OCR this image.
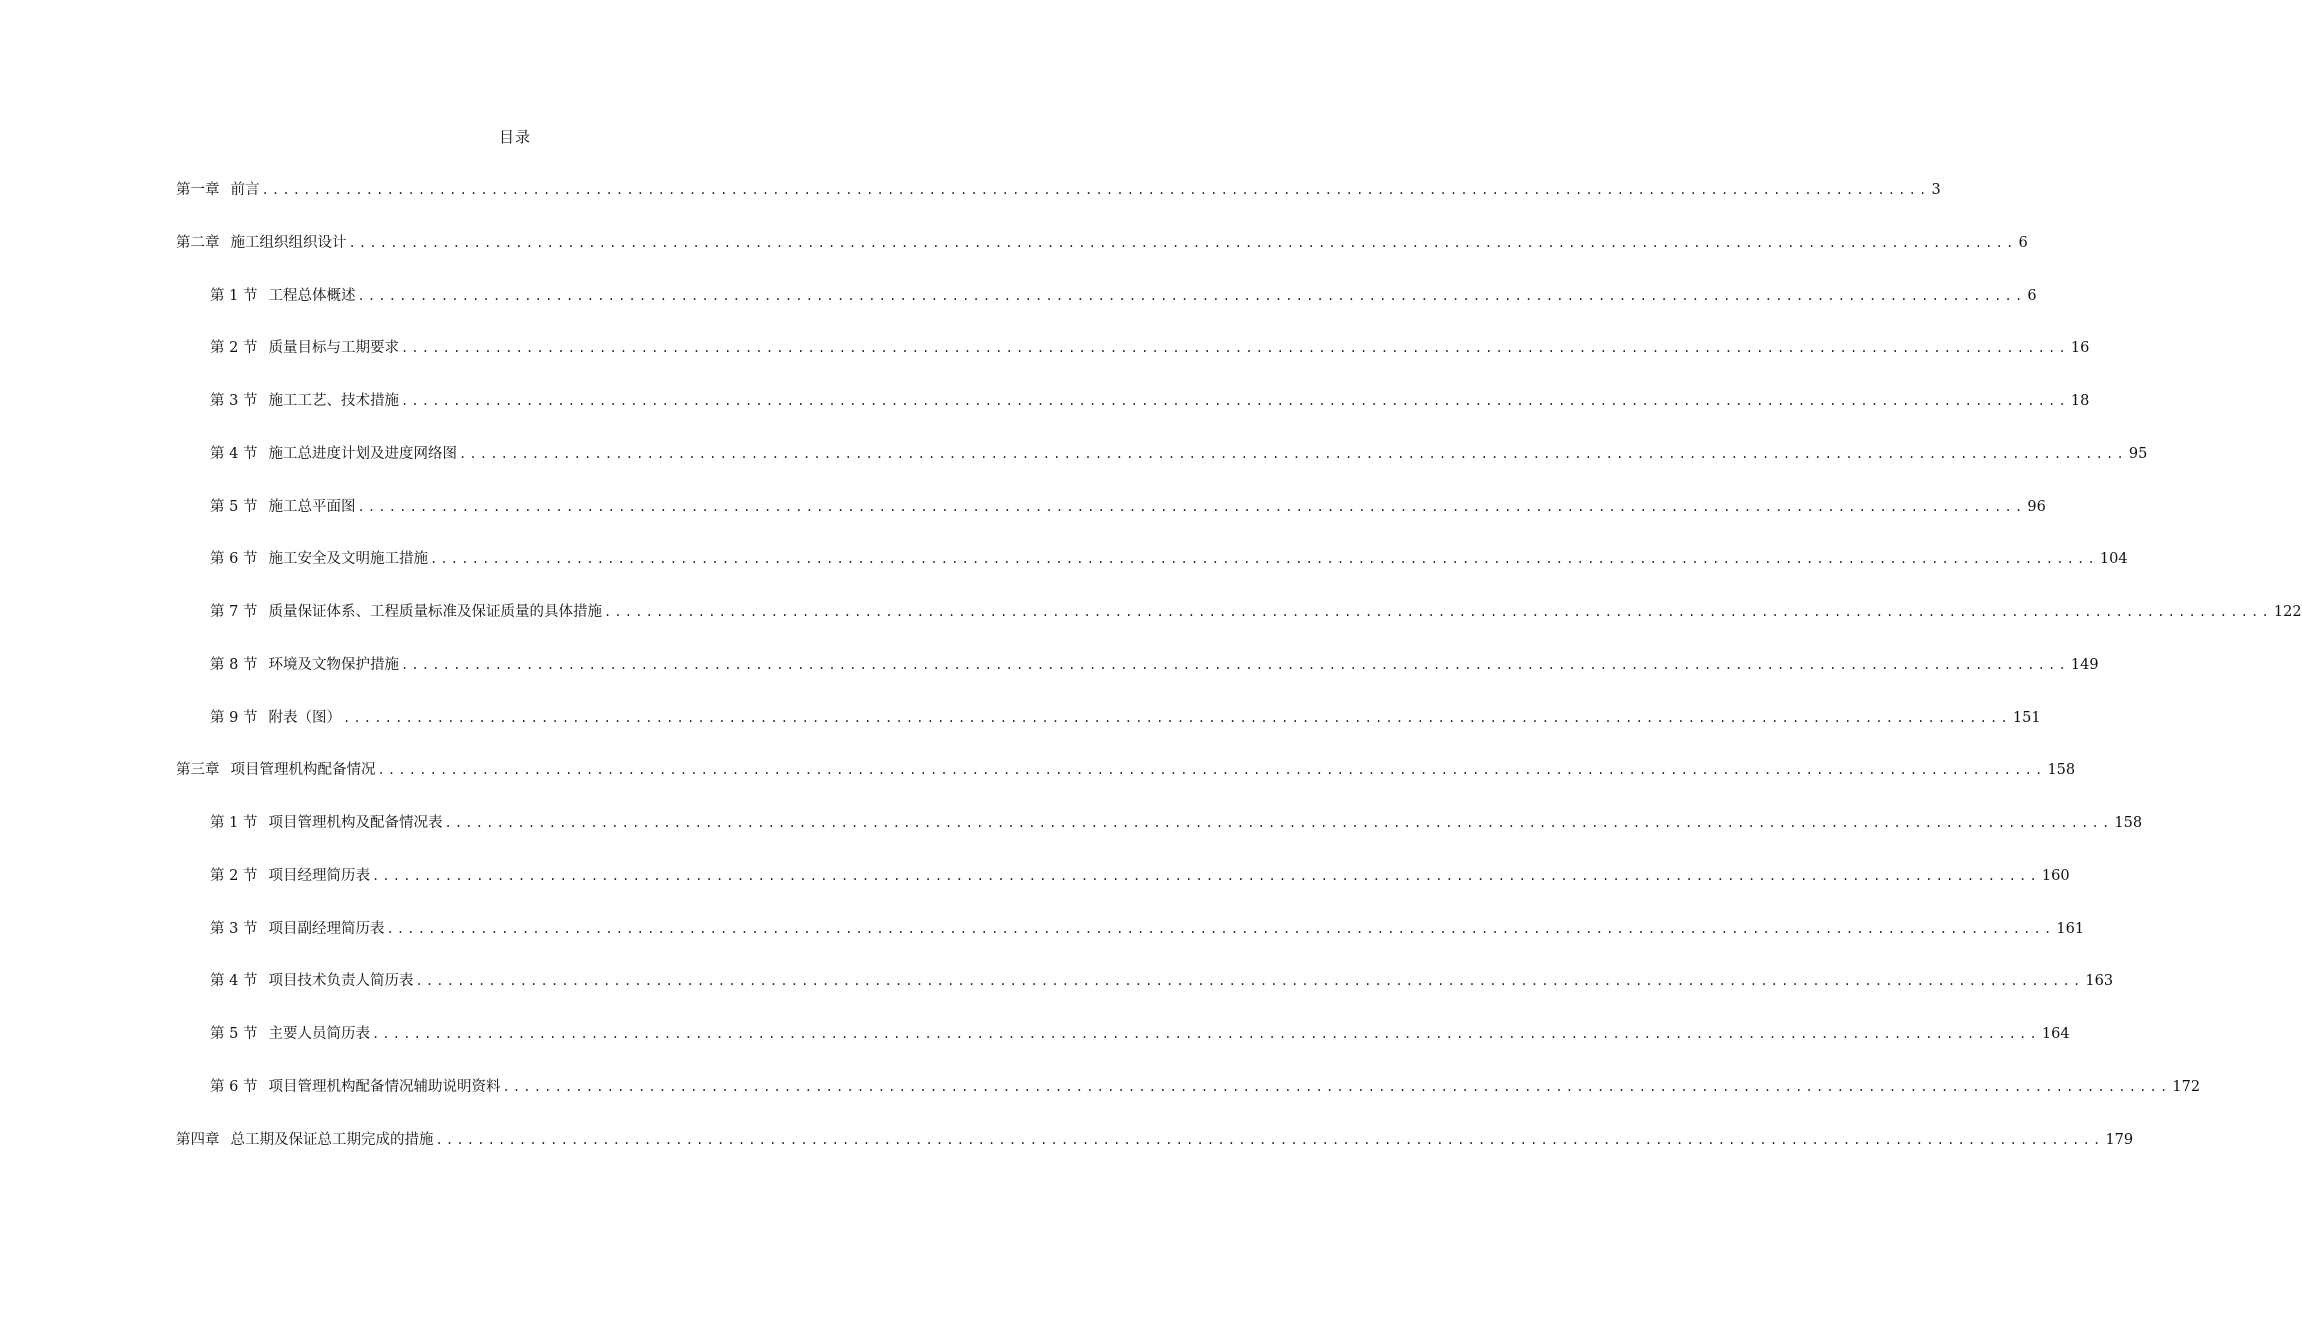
目录
第一章 前言 ................................................................................................................................................................ 3
第二章 施工组织组织设计 ................................................................................................................................................................ 6
第 1 节 工程总体概述 ................................................................................................................................................................ 6
第 2 节 质量目标与工期要求 ................................................................................................................................................................ 16
第 3 节 施工工艺、技术措施 ................................................................................................................................................................ 18
第 4 节 施工总进度计划及进度网络图 ................................................................................................................................................................ 95
第 5 节 施工总平面图 ................................................................................................................................................................ 96
第 6 节 施工安全及文明施工措施 ................................................................................................................................................................ 104
第 7 节 质量保证体系、工程质量标准及保证质量的具体措施 ................................................................................................................................................................ 122
第 8 节 环境及文物保护措施 ................................................................................................................................................................ 149
第 9 节 附表（图） ................................................................................................................................................................ 151
第三章 项目管理机构配备情况 ................................................................................................................................................................ 158
第 1 节 项目管理机构及配备情况表 ................................................................................................................................................................ 158
第 2 节 项目经理简历表 ................................................................................................................................................................ 160
第 3 节 项目副经理简历表 ................................................................................................................................................................ 161
第 4 节 项目技术负责人简历表 ................................................................................................................................................................ 163
第 5 节 主要人员简历表 ................................................................................................................................................................ 164
第 6 节 项目管理机构配备情况辅助说明资料 ................................................................................................................................................................ 172
第四章 总工期及保证总工期完成的措施 ................................................................................................................................................................ 179
